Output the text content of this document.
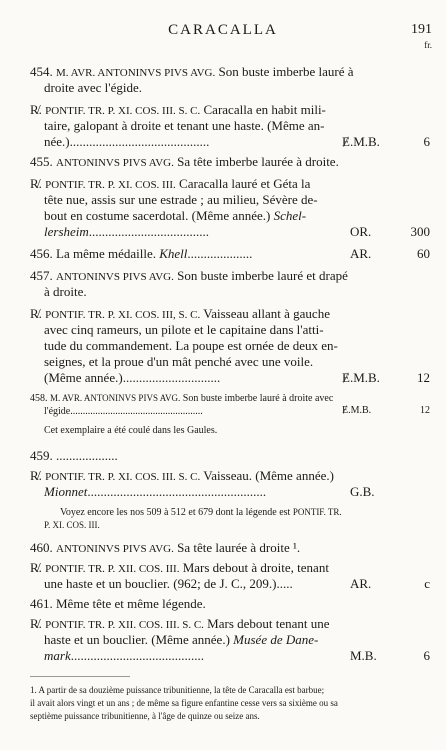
CARACALLA	191
fr.
454. M. AVR. ANTONINVS PIVS AVG. Son buste imberbe lauré à
droite avec l'égide.
R̸. PONTIF. TR. P. XI. COS. III. S. C. Caracalla en habit mili-
taire, galopant à droite et tenant une haste. (Même an-
née.)...........................................	Ɇ.M.B.	6
455. ANTONINVS PIVS AVG. Sa tête imberbe laurée à droite.
R̸. PONTIF. TR. P. XI. COS. III. Caracalla lauré et Géta la
tête nue, assis sur une estrade ; au milieu, Sévère de-
bout en costume sacerdotal. (Même année.) Schel-
lersheim.....................................	OR.	300
456. La même médaille. Khell....................	AR.	60
457. ANTONINVS PIVS AVG. Son buste imberbe lauré et drapé
à droite.
R̸. PONTIF. TR. P. XI. COS. III, S. C. Vaisseau allant à gauche
avec cinq rameurs, un pilote et le capitaine dans l'atti-
tude du commandement. La poupe est ornée de deux en-
seignes, et la proue d'un mât penché avec une voile.
(Même année.)..............................	Ɇ.M.B.	12
458. M. AVR. ANTONINVS PIVS AVG. Son buste imberbe lauré à droite avec
l'égide.....................................................	Ɇ.M.B.	12
Cet exemplaire a été coulé dans les Gaules.
459. ...................
R̸. PONTIF. TR. P. XI. COS. III. S. C. Vaisseau. (Même année.)
Mionnet.......................................................	G.B.
Voyez encore les nos 509 à 512 et 679 dont la légende est PONTIF. TR.
P. XI. COS. III.
460. ANTONINVS PIVS AVG. Sa tête laurée à droite ¹.
R̸. PONTIF. TR. P. XII. COS. III. Mars debout à droite, tenant
une haste et un bouclier. (962; de J. C., 209.).....	AR.	c
461. Même tête et même légende.
R̸. PONTIF. TR. P. XII. COS. III. S. C. Mars debout tenant une
haste et un bouclier. (Même année.) Musée de Dane-
mark.........................................	M.B.	6
1. A partir de sa douzième puissance tribunitienne, la tête de Caracalla est barbue;
il avait alors vingt et un ans ; de même sa figure enfantine cesse vers sa sixième ou sa
septième puissance tribunitienne, à l'âge de quinze ou seize ans.
